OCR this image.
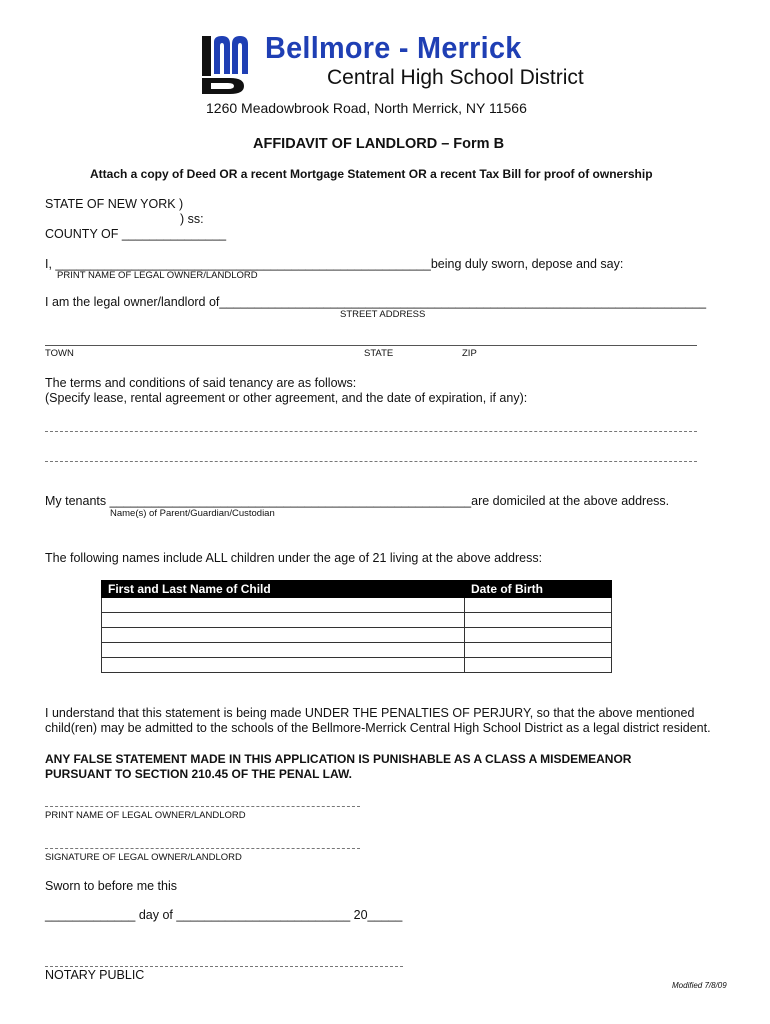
Bellmore - Merrick
Central High School District
1260 Meadowbrook Road, North Merrick, NY 11566
AFFIDAVIT OF LANDLORD – Form B
Attach a copy of Deed OR a recent Mortgage Statement OR a recent Tax Bill for proof of ownership
STATE OF NEW YORK )
) ss:
COUNTY OF _______________
I, ______________________________________________________being duly sworn, depose and say:
PRINT NAME OF LEGAL OWNER/LANDLORD
I am the legal owner/landlord of______________________________________________________________________
STREET ADDRESS
TOWN	STATE	ZIP
The terms and conditions of said tenancy are as follows:
(Specify lease, rental agreement or other agreement, and the date of expiration, if any):
My tenants ____________________________________________________are domiciled at the above address.
Name(s) of Parent/Guardian/Custodian
The following names include ALL children under the age of 21 living at the above address:
First and Last Name of Child	Date of Birth

I understand that this statement is being made UNDER THE PENALTIES OF PERJURY, so that the above mentioned
child(ren) may be admitted to the schools of the Bellmore-Merrick Central High School District as a legal district resident.
ANY FALSE STATEMENT MADE IN THIS APPLICATION IS PUNISHABLE AS A CLASS A MISDEMEANOR
PURSUANT TO SECTION 210.45 OF THE PENAL LAW.
PRINT NAME OF LEGAL OWNER/LANDLORD
SIGNATURE OF LEGAL OWNER/LANDLORD
Sworn to before me this
_____________ day of _________________________ 20_____
NOTARY PUBLIC
Modified 7/8/09
